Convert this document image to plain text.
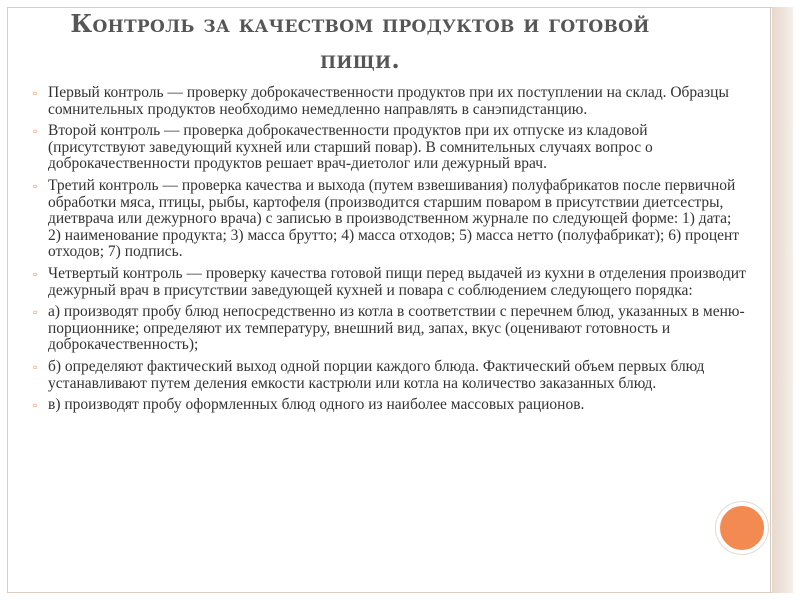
Контроль за качеством продуктов и готовой пищи.
▫ Первый контроль — проверку доброкачественности продуктов при их поступлении на склад. Образцы сомнительных продуктов необходимо немедленно направлять в санэпидстанцию.
▫ Второй контроль — проверка доброкачественности продуктов при их отпуске из кладовой (присутствуют заведующий кухней или старший повар). В сомнительных случаях вопрос о доброкачественности продуктов решает врач-диетолог или дежурный врач.
▫ Третий контроль — проверка качества и выхода (путем взвешивания) полуфабрикатов после первичной обработки мяса, птицы, рыбы, картофеля (производится старшим поваром в присутствии диетсестры, диетврача или дежурного врача) с записью в производственном журнале по следующей форме: 1) дата; 2) наименование продукта; 3) масса брутто; 4) масса отходов; 5) масса нетто (полуфабрикат); 6) процент отходов; 7) подпись.
▫ Четвертый контроль — проверку качества готовой пищи перед выдачей из кухни в отделения производит дежурный врач в присутствии заведующей кухней и повара с соблюдением следующего порядка:
▫ а) производят пробу блюд непосредственно из котла в соответствии с перечнем блюд, указанных в меню-порционнике; определяют их температуру, внешний вид, запах, вкус (оценивают готовность и доброкачественность);
▫ б) определяют фактический выход одной порции каждого блюда. Фактический объем первых блюд устанавливают путем деления емкости кастрюли или котла на количество заказанных блюд.
▫ в) производят пробу оформленных блюд одного из наиболее массовых рационов.
